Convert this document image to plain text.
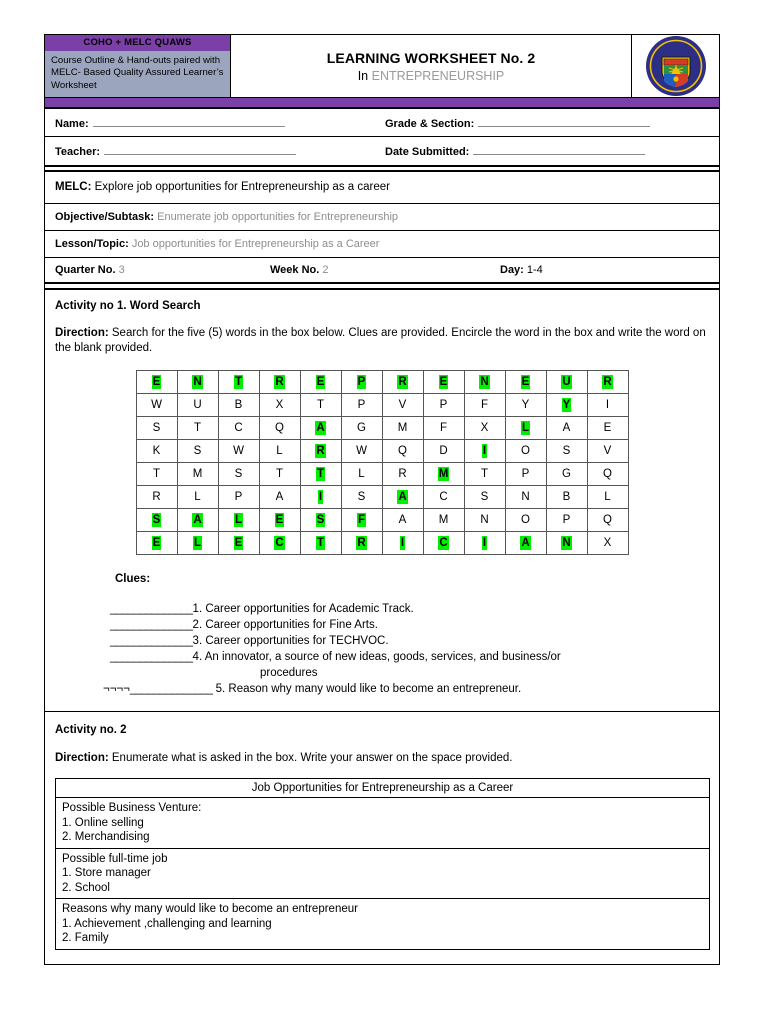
COHO + MELC QUAWS
Course Outline & Hand-outs paired with MELC- Based Quality Assured Learner’s Worksheet
LEARNING WORKSHEET No. 2
In ENTREPRENEURSHIP
Name:	Grade & Section:
Teacher:	Date Submitted:
MELC: Explore job opportunities for Entrepreneurship as a career
Objective/Subtask: Enumerate job opportunities for Entrepreneurship
Lesson/Topic: Job opportunities for Entrepreneurship as a Career
Quarter No. 3	Week No. 2	Day: 1-4
Activity no 1. Word Search
Direction: Search for the five (5) words in the box below. Clues are provided. Encircle the word in the box and write the word on the blank provided.
E	N	T	R	E	P	R	E	N	E	U	R
W	U	B	X	T	P	V	P	F	Y	Y	I
S	T	C	Q	A	G	M	F	X	L	A	E
K	S	W	L	R	W	Q	D	I	O	S	V
T	M	S	T	T	L	R	M	T	P	G	Q
R	L	P	A	I	S	A	C	S	N	B	L
S	A	L	E	S	F	A	M	N	O	P	Q
E	L	E	C	T	R	I	C	I	A	N	X
Clues:
______________1. Career opportunities for Academic Track.
______________2. Career opportunities for Fine Arts.
______________3. Career opportunities for TECHVOC.
______________4. An innovator, a source of new ideas, goods, services, and business/or
procedures
¬¬¬¬______________ 5. Reason why many would like to become an entrepreneur.
Activity no. 2
Direction: Enumerate what is asked in the box. Write your answer on the space provided.
Job Opportunities for Entrepreneurship as a Career

Possible Business Venture:
1. Online selling
2. Merchandising

Possible full-time job
1. Store manager
2. School

Reasons why many would like to become an entrepreneur
1. Achievement ,challenging and learning
2. Family
